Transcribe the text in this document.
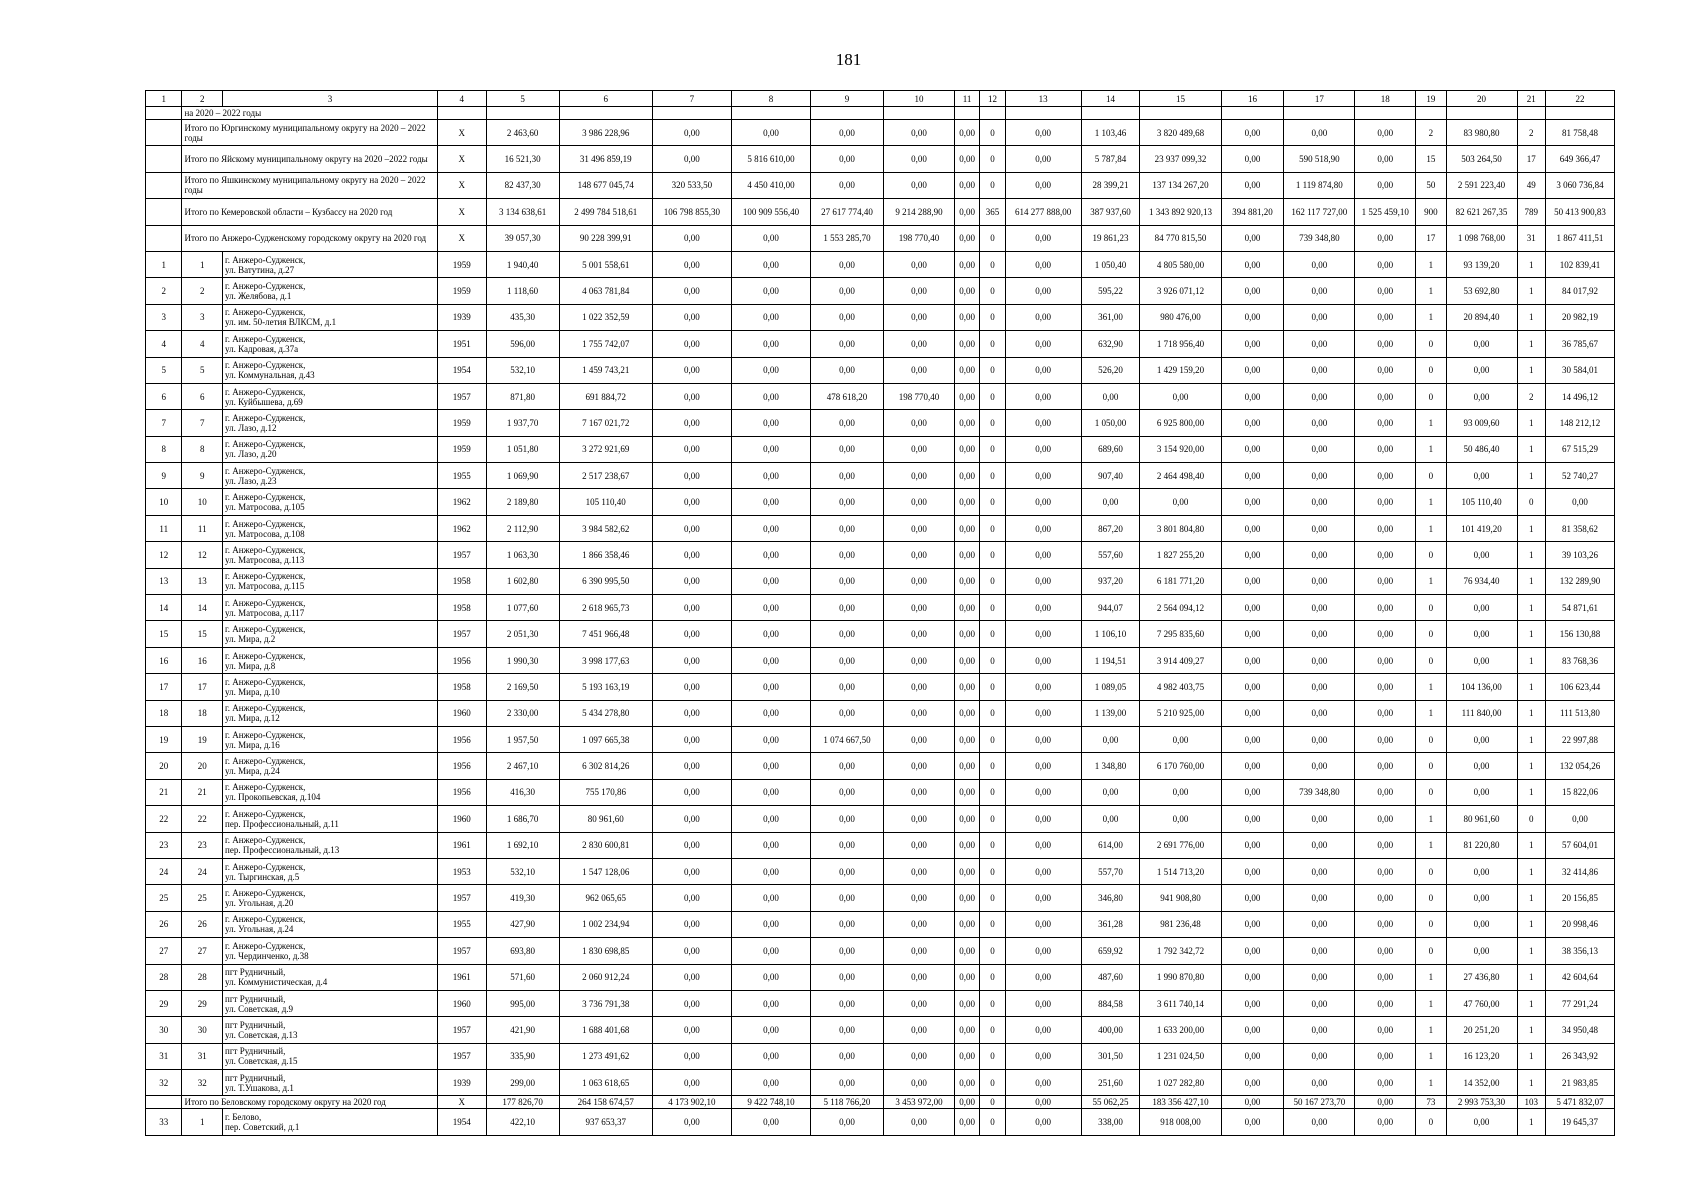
181
1	2	3	4	5	6	7	8	9	10	11	12	13	14	15	16	17	18	19	20	21	22
	на 2020 – 2022 годы																				
	Итого по Юргинскому муниципальному округу на 2020 – 2022 годы		X	2 463,60	3 986 228,96	0,00	0,00	0,00	0,00	0,00	0	0,00	1 103,46	3 820 489,68	0,00	0,00	0,00	2	83 980,80	2	81 758,48
	Итого по Яйскому муниципальному округу на 2020 –2022 годы		X	16 521,30	31 496 859,19	0,00	5 816 610,00	0,00	0,00	0,00	0	0,00	5 787,84	23 937 099,32	0,00	590 518,90	0,00	15	503 264,50	17	649 366,47
	Итого по Яшкинскому муниципальному округу на 2020 – 2022 годы		X	82 437,30	148 677 045,74	320 533,50	4 450 410,00	0,00	0,00	0,00	0	0,00	28 399,21	137 134 267,20	0,00	1 119 874,80	0,00	50	2 591 223,40	49	3 060 736,84
	Итого по Кемеровской области – Кузбассу на 2020 год		X	3 134 638,61	2 499 784 518,61	106 798 855,30	100 909 556,40	27 617 774,40	9 214 288,90	0,00	365	614 277 888,00	387 937,60	1 343 892 920,13	394 881,20	162 117 727,00	1 525 459,10	900	82 621 267,35	789	50 413 900,83
	Итого по Анжеро-Судженскому городскому округу на 2020 год		X	39 057,30	90 228 399,91	0,00	0,00	1 553 285,70	198 770,40	0,00	0	0,00	19 861,23	84 770 815,50	0,00	739 348,80	0,00	17	1 098 768,00	31	1 867 411,51
1	1	г. Анжеро-Судженск,
ул. Ватутина, д.27	1959	1 940,40	5 001 558,61	0,00	0,00	0,00	0,00	0,00	0	0,00	1 050,40	4 805 580,00	0,00	0,00	0,00	1	93 139,20	1	102 839,41
2	2	г. Анжеро-Судженск,
ул. Желябова, д.1	1959	1 118,60	4 063 781,84	0,00	0,00	0,00	0,00	0,00	0	0,00	595,22	3 926 071,12	0,00	0,00	0,00	1	53 692,80	1	84 017,92
3	3	г. Анжеро-Судженск,
ул. им. 50-летия ВЛКСМ, д.1	1939	435,30	1 022 352,59	0,00	0,00	0,00	0,00	0,00	0	0,00	361,00	980 476,00	0,00	0,00	0,00	1	20 894,40	1	20 982,19
4	4	г. Анжеро-Судженск,
ул. Кадровая, д.37а	1951	596,00	1 755 742,07	0,00	0,00	0,00	0,00	0,00	0	0,00	632,90	1 718 956,40	0,00	0,00	0,00	0	0,00	1	36 785,67
5	5	г. Анжеро-Судженск,
ул. Коммунальная, д.43	1954	532,10	1 459 743,21	0,00	0,00	0,00	0,00	0,00	0	0,00	526,20	1 429 159,20	0,00	0,00	0,00	0	0,00	1	30 584,01
6	6	г. Анжеро-Судженск,
ул. Куйбышева, д.69	1957	871,80	691 884,72	0,00	0,00	478 618,20	198 770,40	0,00	0	0,00	0,00	0,00	0,00	0,00	0,00	0	0,00	2	14 496,12
7	7	г. Анжеро-Судженск,
ул. Лазо, д.12	1959	1 937,70	7 167 021,72	0,00	0,00	0,00	0,00	0,00	0	0,00	1 050,00	6 925 800,00	0,00	0,00	0,00	1	93 009,60	1	148 212,12
8	8	г. Анжеро-Судженск,
ул. Лазо, д.20	1959	1 051,80	3 272 921,69	0,00	0,00	0,00	0,00	0,00	0	0,00	689,60	3 154 920,00	0,00	0,00	0,00	1	50 486,40	1	67 515,29
9	9	г. Анжеро-Судженск,
ул. Лазо, д.23	1955	1 069,90	2 517 238,67	0,00	0,00	0,00	0,00	0,00	0	0,00	907,40	2 464 498,40	0,00	0,00	0,00	0	0,00	1	52 740,27
10	10	г. Анжеро-Судженск,
ул. Матросова, д.105	1962	2 189,80	105 110,40	0,00	0,00	0,00	0,00	0,00	0	0,00	0,00	0,00	0,00	0,00	0,00	1	105 110,40	0	0,00
11	11	г. Анжеро-Судженск,
ул. Матросова, д.108	1962	2 112,90	3 984 582,62	0,00	0,00	0,00	0,00	0,00	0	0,00	867,20	3 801 804,80	0,00	0,00	0,00	1	101 419,20	1	81 358,62
12	12	г. Анжеро-Судженск,
ул. Матросова, д.113	1957	1 063,30	1 866 358,46	0,00	0,00	0,00	0,00	0,00	0	0,00	557,60	1 827 255,20	0,00	0,00	0,00	0	0,00	1	39 103,26
13	13	г. Анжеро-Судженск,
ул. Матросова, д.115	1958	1 602,80	6 390 995,50	0,00	0,00	0,00	0,00	0,00	0	0,00	937,20	6 181 771,20	0,00	0,00	0,00	1	76 934,40	1	132 289,90
14	14	г. Анжеро-Судженск,
ул. Матросова, д.117	1958	1 077,60	2 618 965,73	0,00	0,00	0,00	0,00	0,00	0	0,00	944,07	2 564 094,12	0,00	0,00	0,00	0	0,00	1	54 871,61
15	15	г. Анжеро-Судженск,
ул. Мира, д.2	1957	2 051,30	7 451 966,48	0,00	0,00	0,00	0,00	0,00	0	0,00	1 106,10	7 295 835,60	0,00	0,00	0,00	0	0,00	1	156 130,88
16	16	г. Анжеро-Судженск,
ул. Мира, д.8	1956	1 990,30	3 998 177,63	0,00	0,00	0,00	0,00	0,00	0	0,00	1 194,51	3 914 409,27	0,00	0,00	0,00	0	0,00	1	83 768,36
17	17	г. Анжеро-Судженск,
ул. Мира, д.10	1958	2 169,50	5 193 163,19	0,00	0,00	0,00	0,00	0,00	0	0,00	1 089,05	4 982 403,75	0,00	0,00	0,00	1	104 136,00	1	106 623,44
18	18	г. Анжеро-Судженск,
ул. Мира, д.12	1960	2 330,00	5 434 278,80	0,00	0,00	0,00	0,00	0,00	0	0,00	1 139,00	5 210 925,00	0,00	0,00	0,00	1	111 840,00	1	111 513,80
19	19	г. Анжеро-Судженск,
ул. Мира, д.16	1956	1 957,50	1 097 665,38	0,00	0,00	1 074 667,50	0,00	0,00	0	0,00	0,00	0,00	0,00	0,00	0,00	0	0,00	1	22 997,88
20	20	г. Анжеро-Судженск,
ул. Мира, д.24	1956	2 467,10	6 302 814,26	0,00	0,00	0,00	0,00	0,00	0	0,00	1 348,80	6 170 760,00	0,00	0,00	0,00	0	0,00	1	132 054,26
21	21	г. Анжеро-Судженск,
ул. Прокопьевская, д.104	1956	416,30	755 170,86	0,00	0,00	0,00	0,00	0,00	0	0,00	0,00	0,00	0,00	739 348,80	0,00	0	0,00	1	15 822,06
22	22	г. Анжеро-Судженск,
пер. Профессиональный, д.11	1960	1 686,70	80 961,60	0,00	0,00	0,00	0,00	0,00	0	0,00	0,00	0,00	0,00	0,00	0,00	1	80 961,60	0	0,00
23	23	г. Анжеро-Судженск,
пер. Профессиональный, д.13	1961	1 692,10	2 830 600,81	0,00	0,00	0,00	0,00	0,00	0	0,00	614,00	2 691 776,00	0,00	0,00	0,00	1	81 220,80	1	57 604,01
24	24	г. Анжеро-Судженск,
ул. Тыргинская, д.5	1953	532,10	1 547 128,06	0,00	0,00	0,00	0,00	0,00	0	0,00	557,70	1 514 713,20	0,00	0,00	0,00	0	0,00	1	32 414,86
25	25	г. Анжеро-Судженск,
ул. Угольная, д.20	1957	419,30	962 065,65	0,00	0,00	0,00	0,00	0,00	0	0,00	346,80	941 908,80	0,00	0,00	0,00	0	0,00	1	20 156,85
26	26	г. Анжеро-Судженск,
ул. Угольная, д.24	1955	427,90	1 002 234,94	0,00	0,00	0,00	0,00	0,00	0	0,00	361,28	981 236,48	0,00	0,00	0,00	0	0,00	1	20 998,46
27	27	г. Анжеро-Судженск,
ул. Чердинченко, д.38	1957	693,80	1 830 698,85	0,00	0,00	0,00	0,00	0,00	0	0,00	659,92	1 792 342,72	0,00	0,00	0,00	0	0,00	1	38 356,13
28	28	пгт Рудничный,
ул. Коммунистическая, д.4	1961	571,60	2 060 912,24	0,00	0,00	0,00	0,00	0,00	0	0,00	487,60	1 990 870,80	0,00	0,00	0,00	1	27 436,80	1	42 604,64
29	29	пгт Рудничный,
ул. Советская, д.9	1960	995,00	3 736 791,38	0,00	0,00	0,00	0,00	0,00	0	0,00	884,58	3 611 740,14	0,00	0,00	0,00	1	47 760,00	1	77 291,24
30	30	пгт Рудничный,
ул. Советская, д.13	1957	421,90	1 688 401,68	0,00	0,00	0,00	0,00	0,00	0	0,00	400,00	1 633 200,00	0,00	0,00	0,00	1	20 251,20	1	34 950,48
31	31	пгт Рудничный,
ул. Советская, д.15	1957	335,90	1 273 491,62	0,00	0,00	0,00	0,00	0,00	0	0,00	301,50	1 231 024,50	0,00	0,00	0,00	1	16 123,20	1	26 343,92
32	32	пгт Рудничный,
ул. Т.Ушакова, д.1	1939	299,00	1 063 618,65	0,00	0,00	0,00	0,00	0,00	0	0,00	251,60	1 027 282,80	0,00	0,00	0,00	1	14 352,00	1	21 983,85
	Итого по Беловскому городскому округу на 2020 год		X	177 826,70	264 158 674,57	4 173 902,10	9 422 748,10	5 118 766,20	3 453 972,00	0,00	0	0,00	55 062,25	183 356 427,10	0,00	50 167 273,70	0,00	73	2 993 753,30	103	5 471 832,07
33	1	г. Белово,
пер. Советский, д.1	1954	422,10	937 653,37	0,00	0,00	0,00	0,00	0,00	0	0,00	338,00	918 008,00	0,00	0,00	0,00	0	0,00	1	19 645,37
